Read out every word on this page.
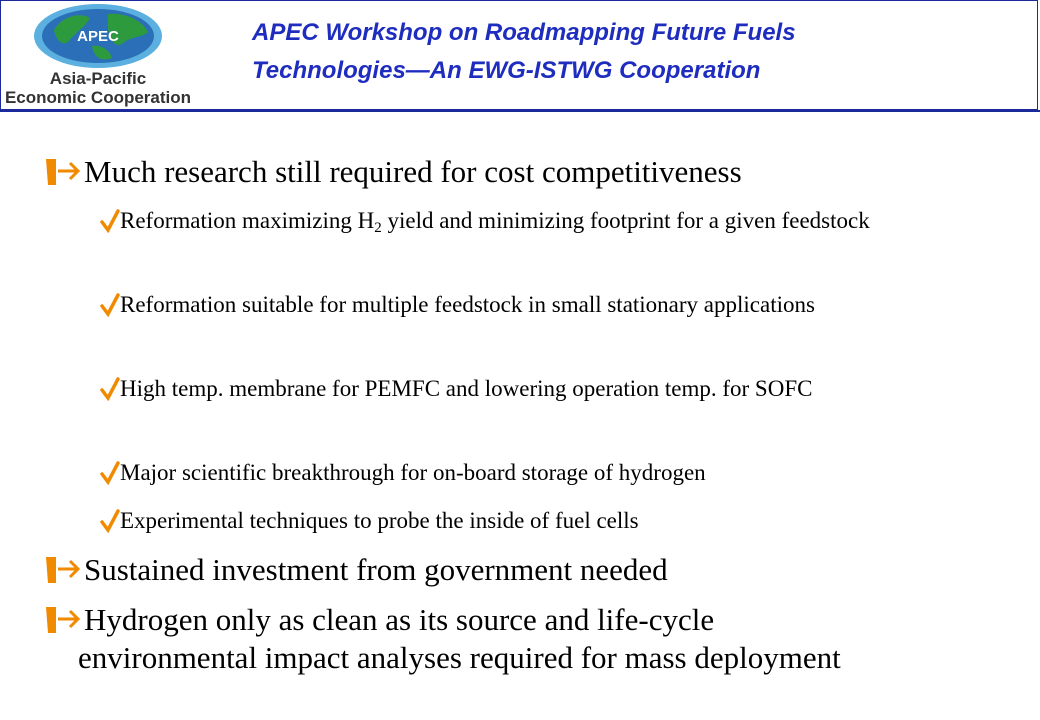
APEC
Asia-Pacific
Economic Cooperation
APEC Workshop on Roadmapping Future Fuels
Technologies—An EWG-ISTWG Cooperation
Much research still required for cost competitiveness
Reformation maximizing $H_2$ yield and minimizing footprint for a given feedstock
Reformation suitable for multiple feedstock in small stationary applications
High temp. membrane for PEMFC and lowering operation temp. for SOFC
Major scientific breakthrough for on-board storage of hydrogen
Experimental techniques to probe the inside of fuel cells
Sustained investment from government needed
Hydrogen only as clean as its source and life-cycle
environmental impact analyses required for mass deployment
